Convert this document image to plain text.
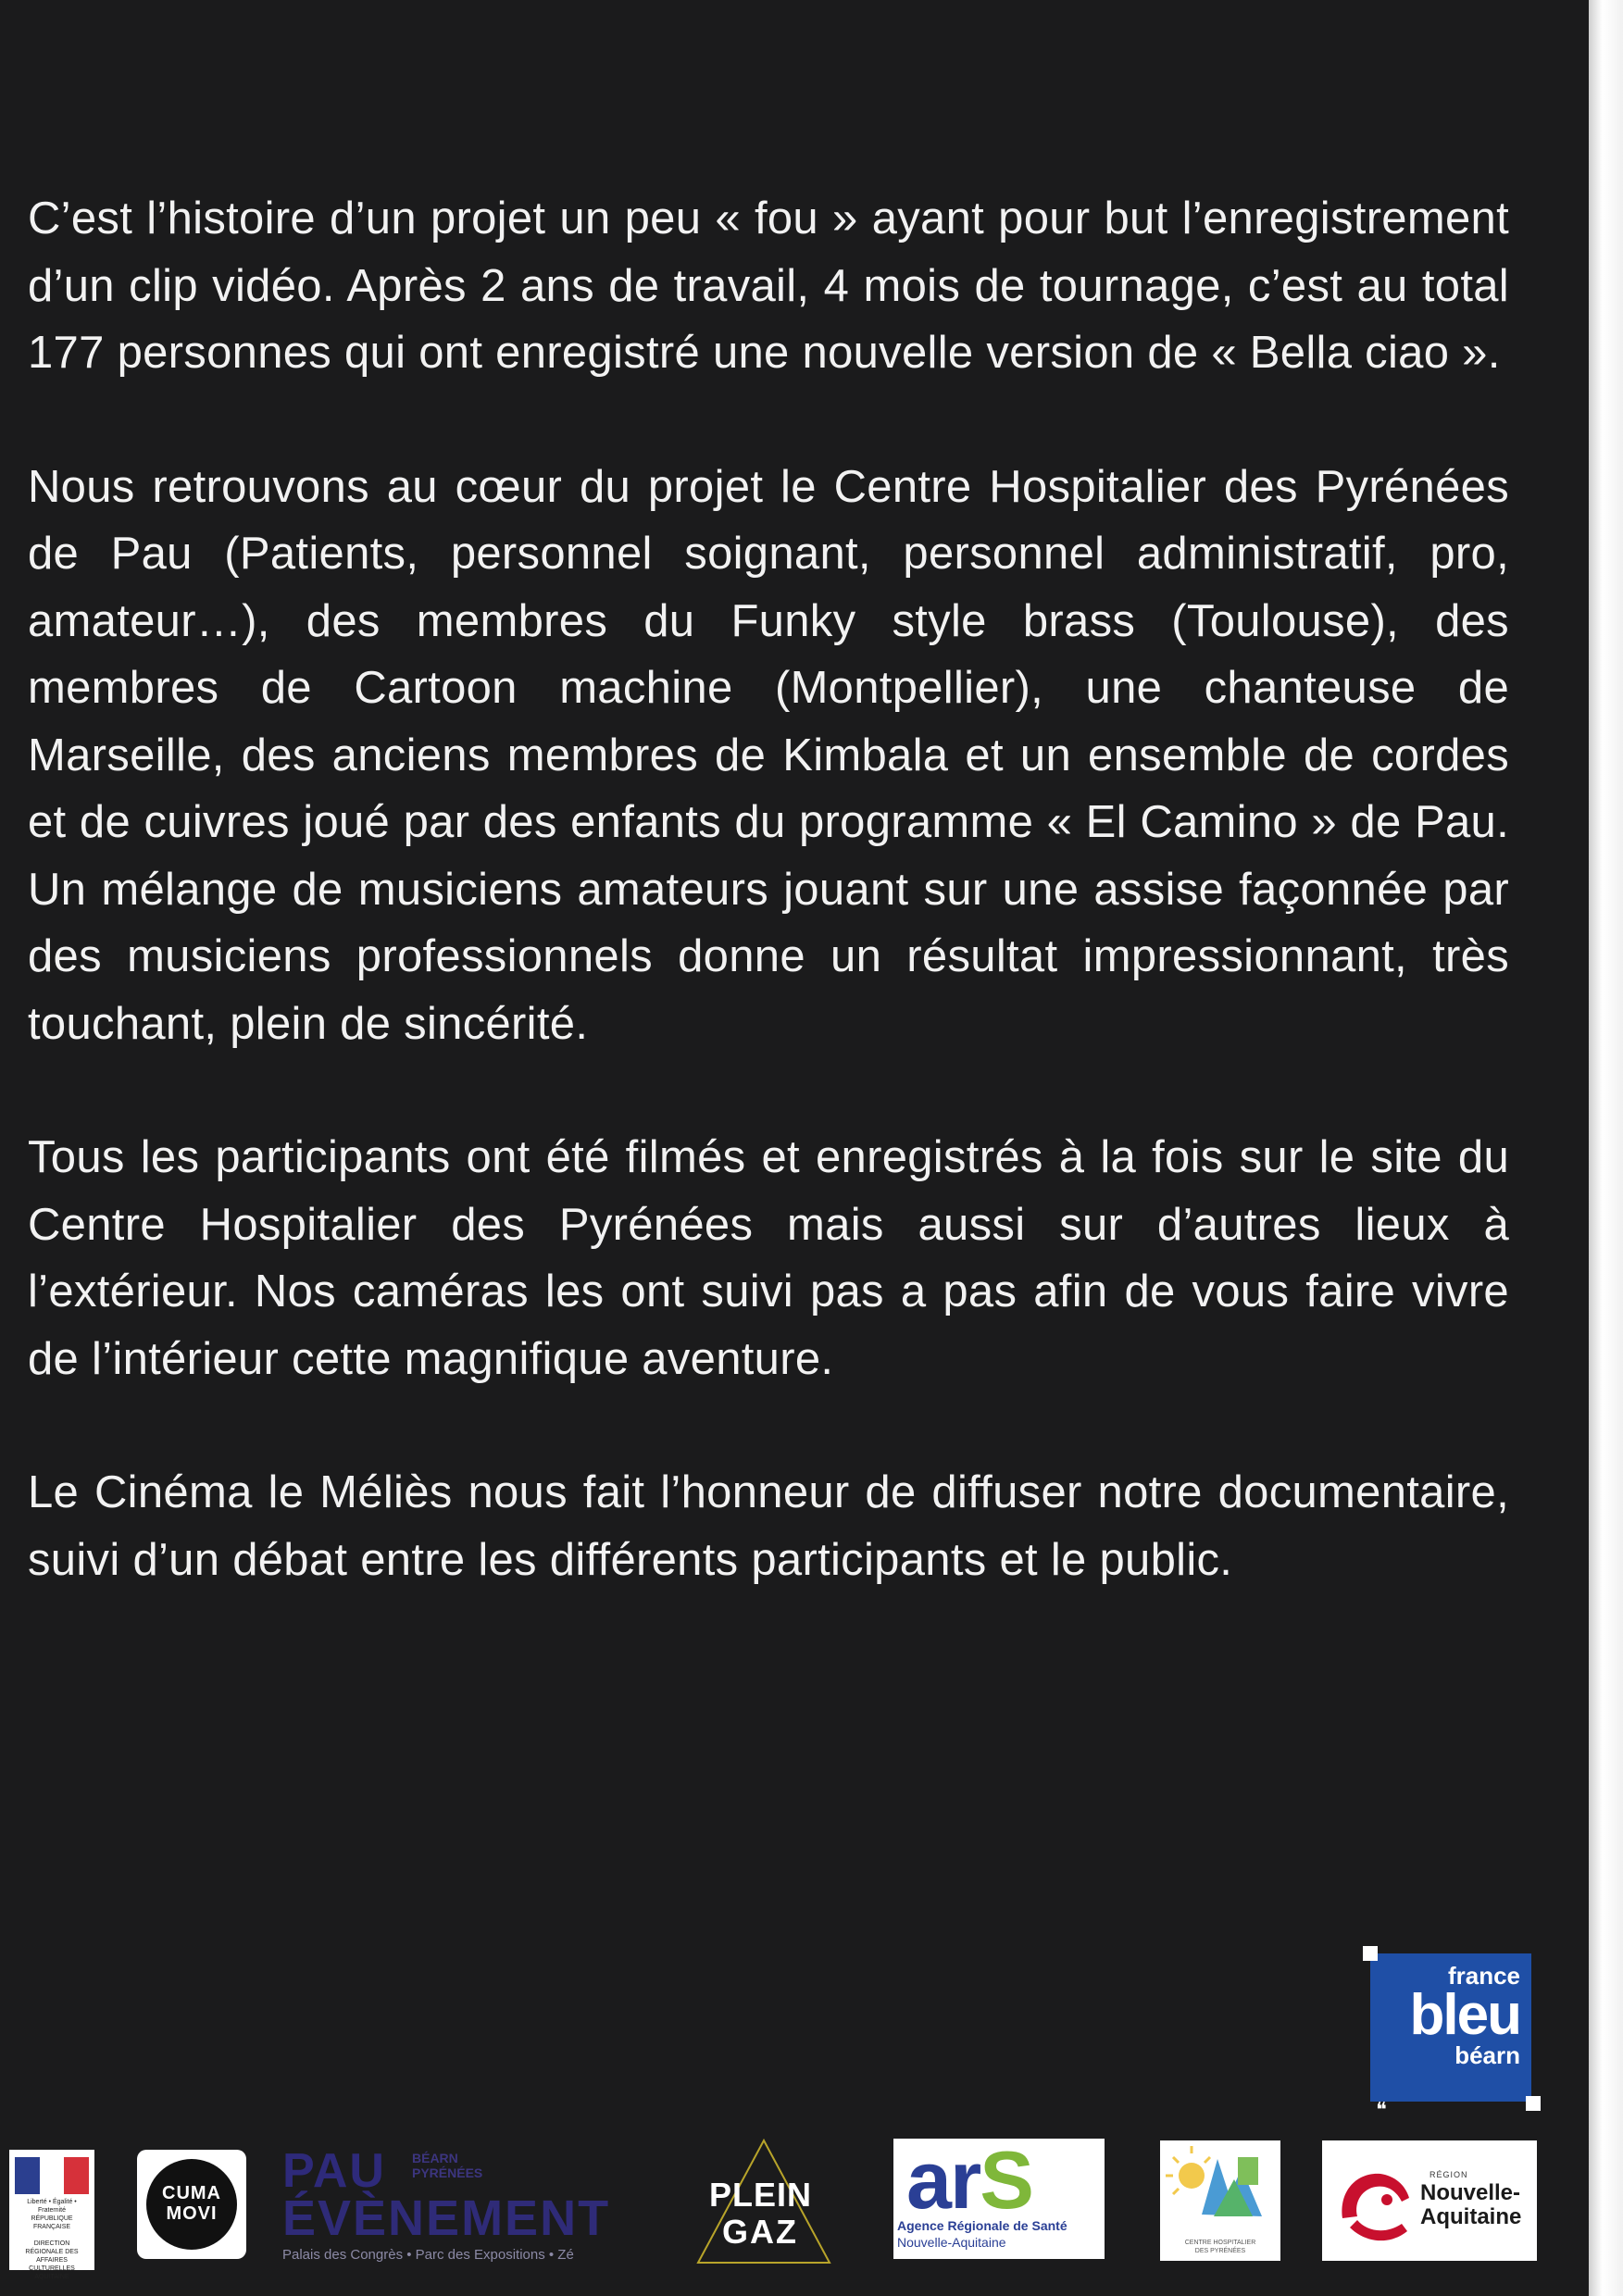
C’est l’histoire d’un projet un peu « fou » ayant pour but l’enregistrement d’un clip vidéo. Après 2 ans de travail, 4 mois de tournage, c’est au total 177 personnes qui ont enregistré une nouvelle version de « Bella ciao ».

Nous retrouvons au cœur du projet le Centre Hospitalier des Pyrénées de Pau (Patients, personnel soignant, personnel administratif, pro, amateur…), des membres du Funky style brass (Toulouse), des membres de Cartoon machine (Montpellier), une chanteuse de Marseille, des anciens membres de Kimbala et un ensemble de cordes et de cuivres joué par des enfants du programme « El Camino » de Pau. Un mélange de musiciens amateurs jouant sur une assise façonnée par des musiciens professionnels donne un résultat impressionnant, très touchant, plein de sincérité.

Tous les participants ont été filmés et enregistrés à la fois sur le site du Centre Hospitalier des Pyrénées mais aussi sur d’autres lieux à l’extérieur. Nos caméras les ont suivi pas a pas afin de vous faire vivre de l’intérieur cette magnifique aventure.

Le Cinéma le Méliès nous fait l’honneur de diffuser notre documentaire, suivi d’un débat entre les différents participants et le public.

france
bleu
béarn
❝
Liberté • Égalité • Fraternité
RÉPUBLIQUE FRANÇAISE

DIRECTION
RÉGIONALE DES
AFFAIRES
CULTURELLES
AQUITAINE
CUMA
MOVI
PAU BÉARN
PYRÉNÉES
ÉVÈNEMENT
Palais des Congrès • Parc des Expositions • Zé
PLEIN
GAZ
arS
Agence Régionale de Santé
Nouvelle-Aquitaine	CENTRE HOSPITALIER
DES PYRÉNÉES
RÉGION
Nouvelle-
Aquitaine
